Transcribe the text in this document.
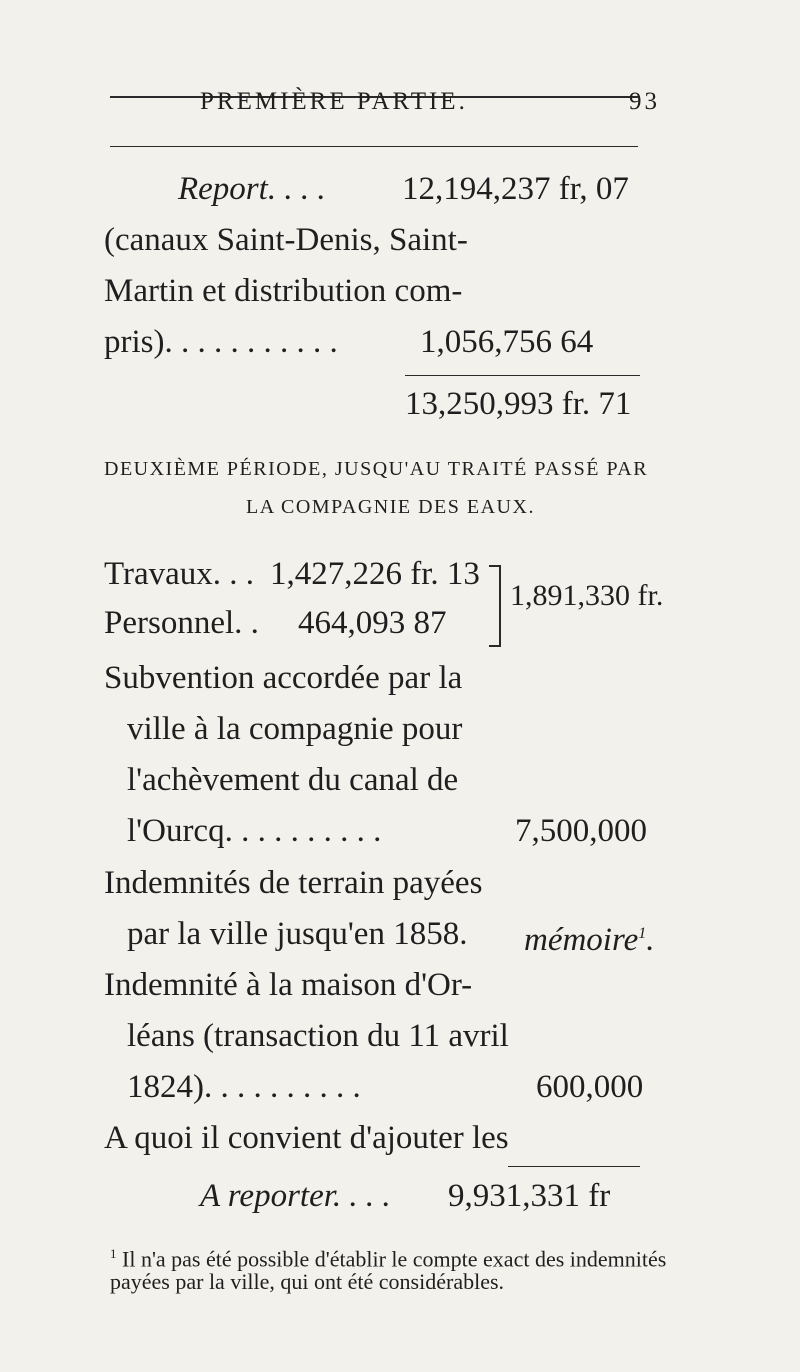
PREMIÈRE PARTIE.	93
Report. . . . 12,194,237 fr, 07
(canaux Saint-Denis, Saint-
Martin et distribution com-
pris). . . . . . . . . . . 1,056,756 64
13,250,993 fr. 71
DEUXIÈME PÉRIODE, JUSQU'AU TRAITÉ PASSÉ PAR
LA COMPAGNIE DES EAUX.
Travaux. . . 1,427,226 fr. 13
Personnel. . 464,093 87
1,891,330 fr.
Subvention accordée par la
ville à la compagnie pour
l'achèvement du canal de
l'Ourcq. . . . . . . . . .	7,500,000
Indemnités de terrain payées
par la ville jusqu'en 1858. mémoire$^1$.
Indemnité à la maison d'Or-
léans (transaction du 11 avril
1824). . . . . . . . . .	600,000
A quoi il convient d'ajouter les
A reporter. . . . 9,931,331 fr
$^1$ Il n'a pas été possible d'établir le compte exact des indemnités
payées par la ville, qui ont été considérables.
